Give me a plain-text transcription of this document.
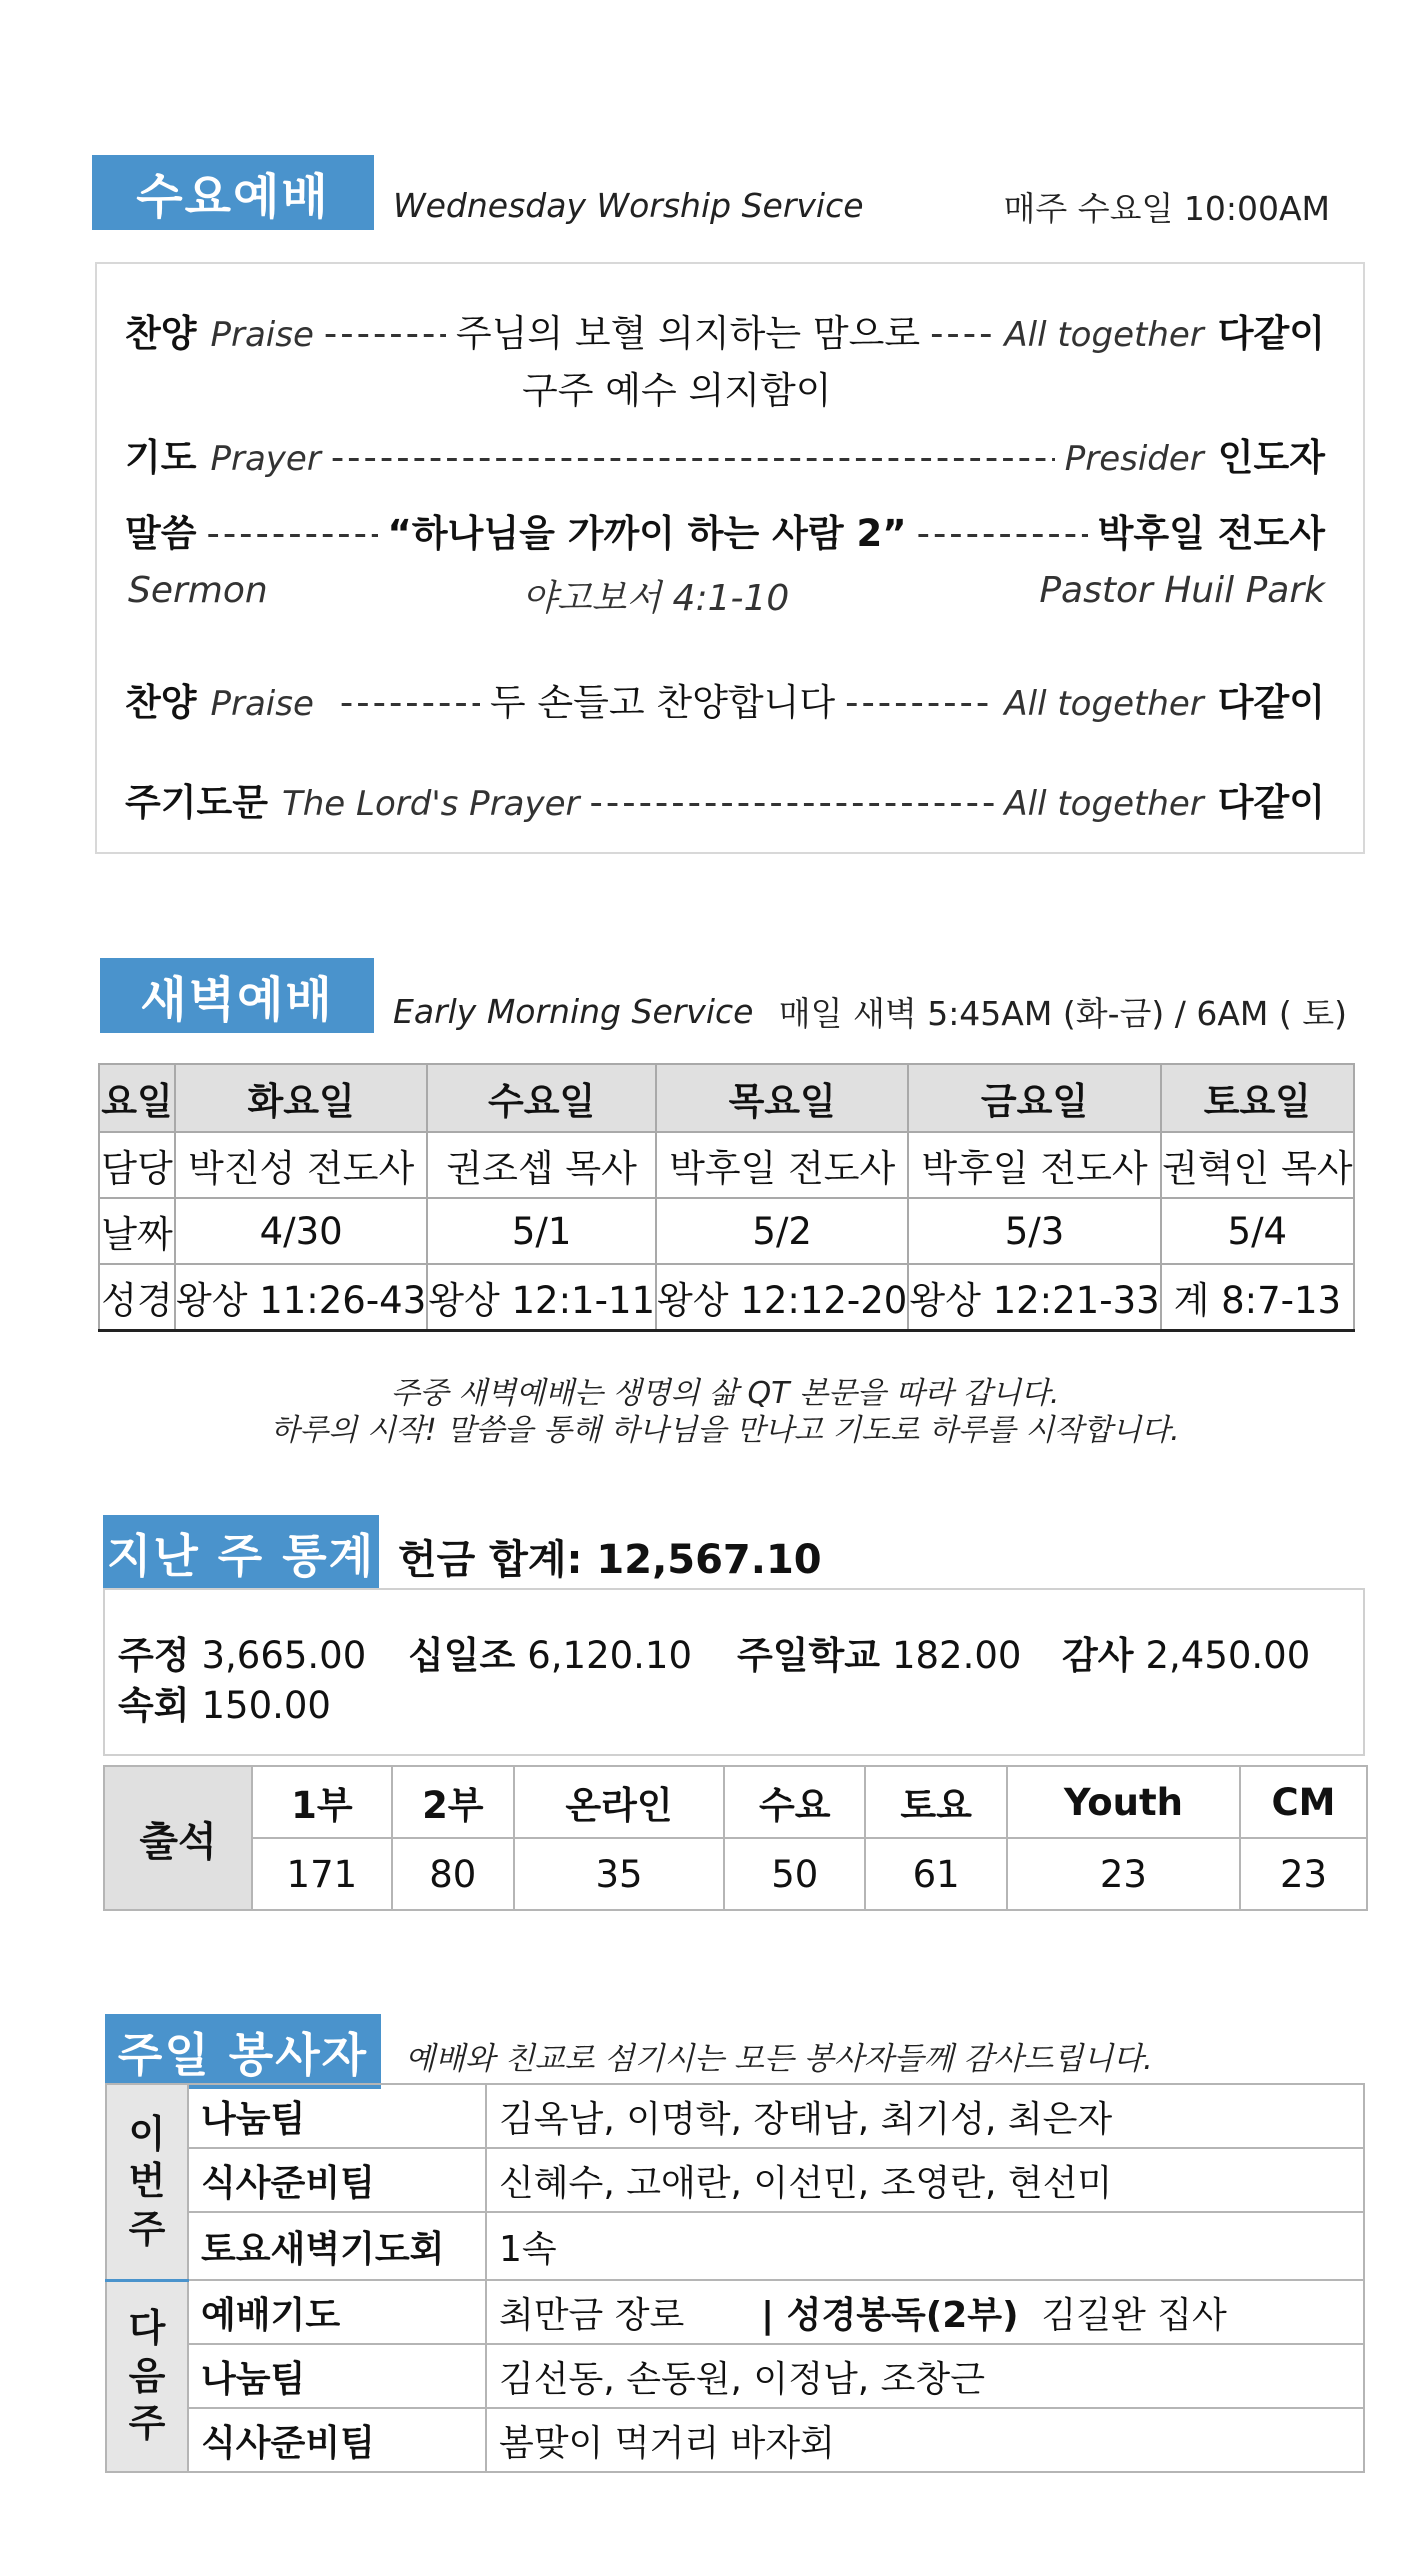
수요예배	Wednesday Worship Service	매주 수요일 10:00AM
찬양 Praise -----	주님의 보혈 의지하는 맘으로 ----- All together 다같이
구주 예수 의지함이
기도 Prayer -----	Presider 인도자
말씀 -----	“하나님을 가까이 하는 사람 2” -----	박후일 전도사
Sermon	야고보서 4:1-10	Pastor Huil Park
찬양 Praise -----	두 손들고 찬양합니다 -----	All together 다같이
주기도문 The Lord's Prayer -----	All together 다같이
새벽예배	Early Morning Service 매일 새벽 5:45AM (화-금) / 6AM ( 토)
요일	화요일	수요일	목요일	금요일	토요일
담당	박진성 전도사	권조셉 목사	박후일 전도사	박후일 전도사	권혁인 목사
날짜	4/30	5/1	5/2	5/3	5/4
성경	왕상 11:26-43	왕상 12:1-11	왕상 12:12-20	왕상 12:21-33	계 8:7-13
주중 새벽예배는 생명의 삶 QT 본문을 따라 갑니다.
하루의 시작! 말씀을 통해 하나님을 만나고 기도로 하루를 시작합니다.
지난 주 통계 헌금 합계: 12,567.10
주정 3,665.00 십일조 6,120.10 주일학교 182.00 감사 2,450.00
속회 150.00
출석	1부	2부	온라인	수요	토요	Youth	CM
	171	80	35	50	61	23	23
주일 봉사자	예배와 친교로 섬기시는 모든 봉사자들께 감사드립니다.
이
번
주	나눔팀	김옥남, 이명학, 장태남, 최기성, 최은자
	식사준비팀	신혜수, 고애란, 이선민, 조영란, 현선미
	토요새벽기도회	1속
다
음
주	예배기도	최만금 장로 | 성경봉독(2부) 김길완 집사
	나눔팀	김선동, 손동원, 이정남, 조창근
	식사준비팀	봄맞이 먹거리 바자회
